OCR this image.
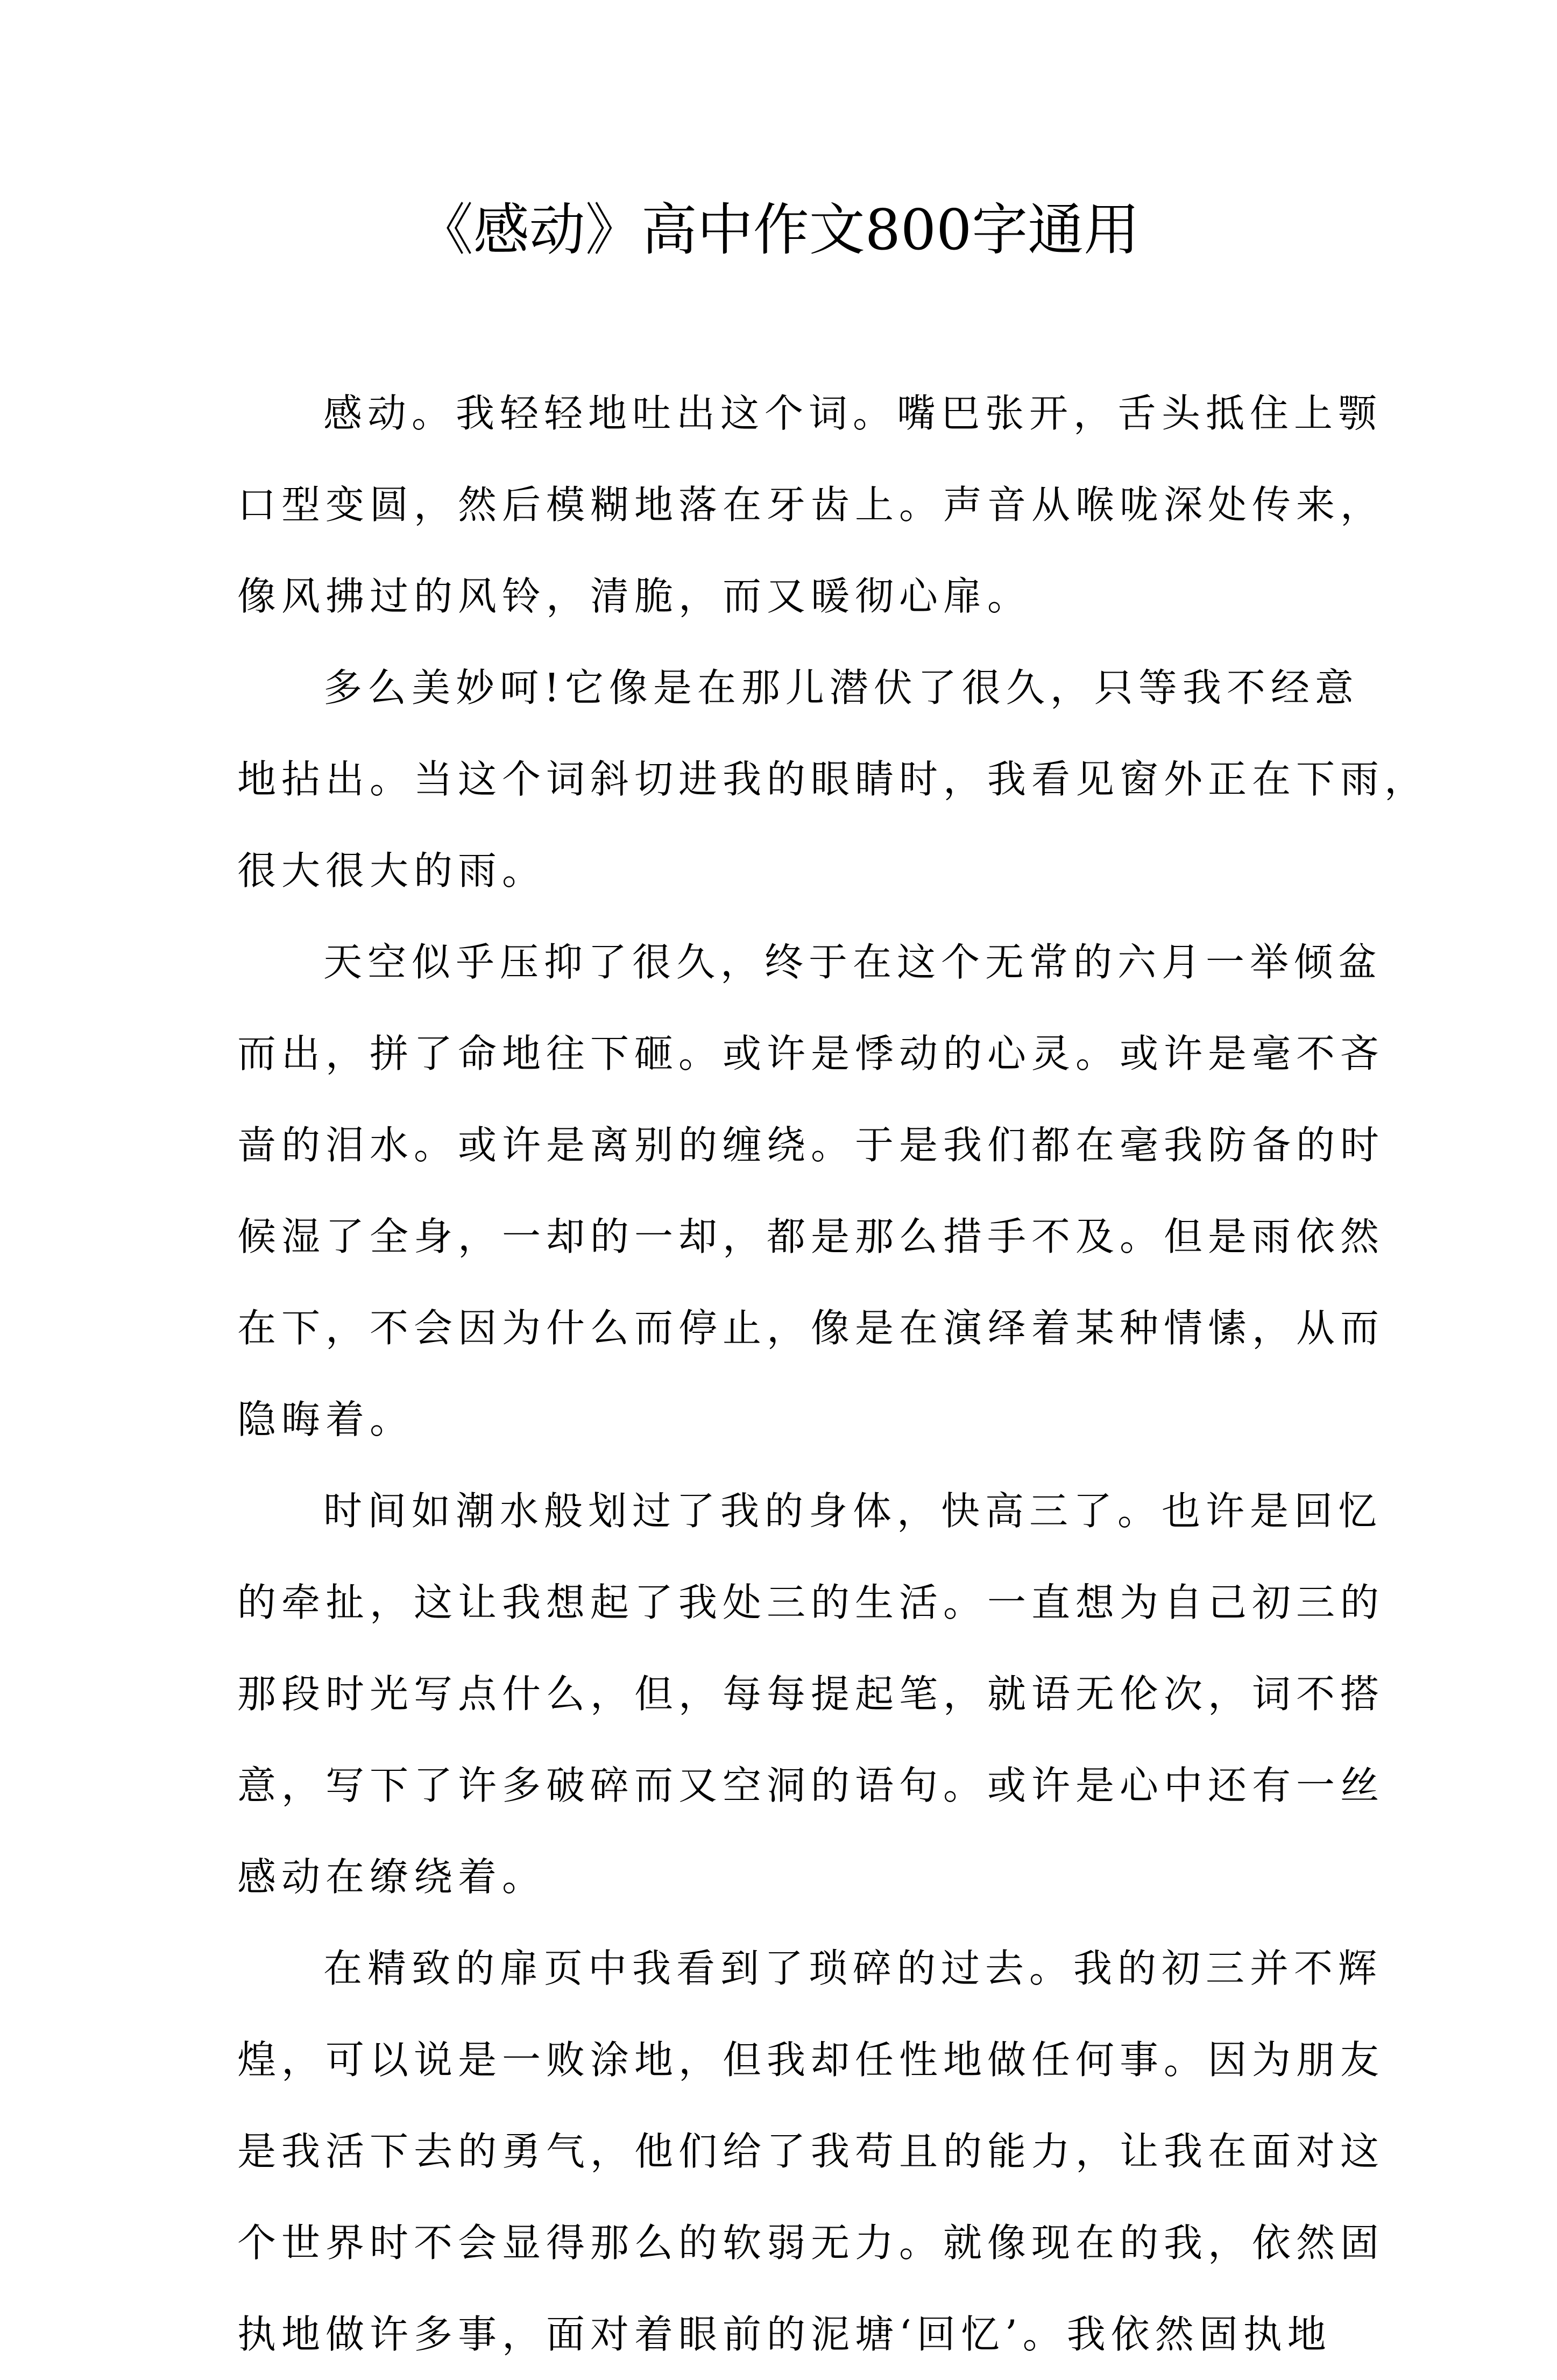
《感动》高中作文800字通用
感动。我轻轻地吐出这个词。嘴巴张开，舌头抵住上颚
口型变圆，然后模糊地落在牙齿上。声音从喉咙深处传来，
像风拂过的风铃，清脆，而又暖彻心扉。
多么美妙呵!它像是在那儿潜伏了很久，只等我不经意
地拈出。当这个词斜切进我的眼睛时，我看见窗外正在下雨，
很大很大的雨。
天空似乎压抑了很久，终于在这个无常的六月一举倾盆
而出，拼了命地往下砸。或许是悸动的心灵。或许是毫不吝
啬的泪水。或许是离别的缠绕。于是我们都在毫我防备的时
候湿了全身，一却的一却，都是那么措手不及。但是雨依然
在下，不会因为什么而停止，像是在演绎着某种情愫，从而
隐晦着。
时间如潮水般划过了我的身体，快高三了。也许是回忆
的牵扯，这让我想起了我处三的生活。一直想为自己初三的
那段时光写点什么，但，每每提起笔，就语无伦次，词不搭
意，写下了许多破碎而又空洞的语句。或许是心中还有一丝
感动在缭绕着。
在精致的扉页中我看到了琐碎的过去。我的初三并不辉
煌，可以说是一败涂地，但我却任性地做任何事。因为朋友
是我活下去的勇气，他们给了我苟且的能力，让我在面对这
个世界时不会显得那么的软弱无力。就像现在的我，依然固
执地做许多事，面对着眼前的泥塘‘回忆’。我依然固执地
